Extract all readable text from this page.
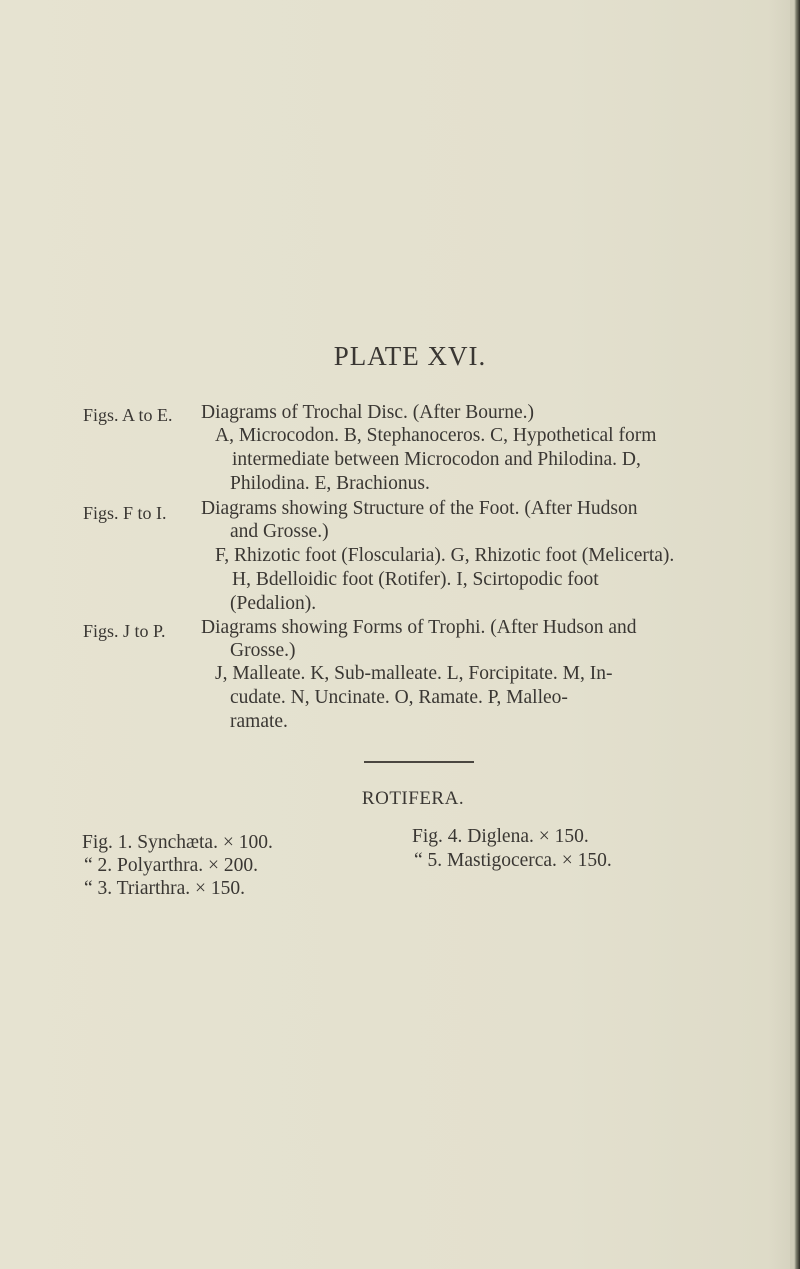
PLATE XVI.
Figs. A to E. Diagrams of Trochal Disc. (After Bourne.)
A, Microcodon. B, Stephanoceros. C, Hypothetical form
intermediate between Microcodon and Philodina. D,
Philodina. E, Brachionus.
Figs. F to I. Diagrams showing Structure of the Foot. (After Hudson
and Grosse.)
F, Rhizotic foot (Floscularia). G, Rhizotic foot (Melicerta).
H, Bdelloidic foot (Rotifer). I, Scirtopodic foot
(Pedalion).
Figs. J to P. Diagrams showing Forms of Trophi. (After Hudson and
Grosse.)
J, Malleate. K, Sub-malleate. L, Forcipitate. M, In-
cudate. N, Uncinate. O, Ramate. P, Malleo-
ramate.
ROTIFERA.
Fig. 1. Synchæta. × 100.
“ 2. Polyarthra. × 200.
“ 3. Triarthra. × 150.
Fig. 4. Diglena. × 150.
“ 5. Mastigocerca. × 150.
